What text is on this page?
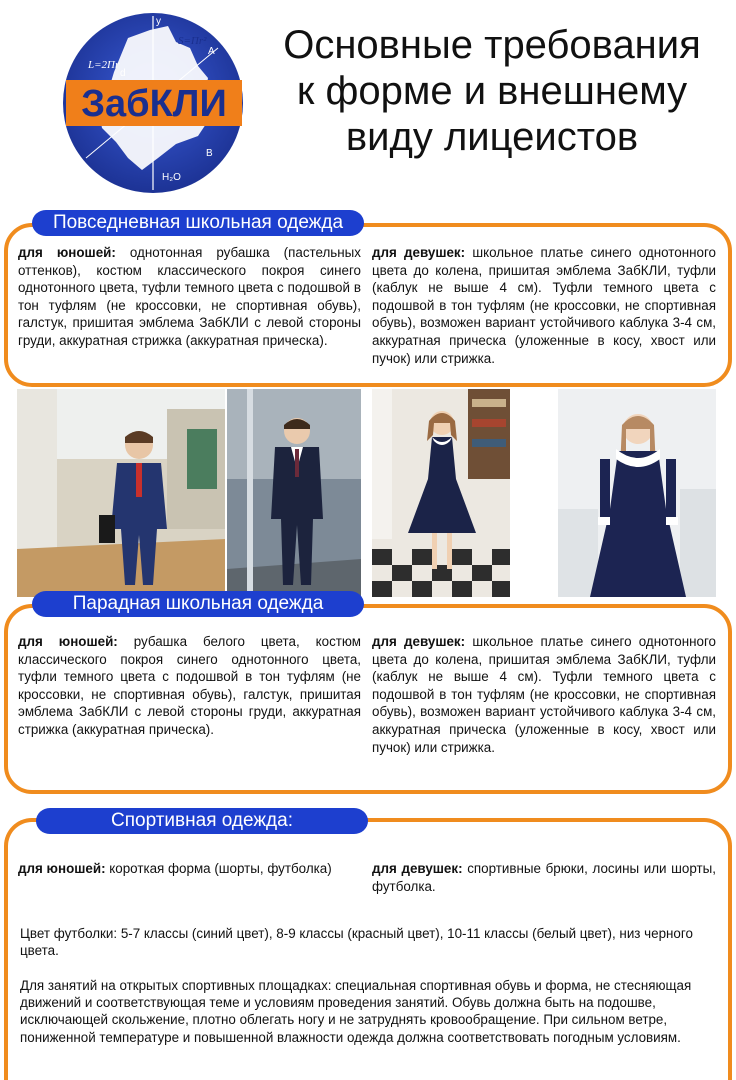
ЗабКЛИ
S=Πr²
L=2Πr
y
A
B
d
H₂O
Основные требования
к форме и внешнему
виду лицеистов
Повседневная школьная одежда
для юношей: однотонная рубашка (пастельных оттенков), костюм классического покроя синего однотонного цвета, туфли темного цвета с подошвой в тон туфлям (не кроссовки, не спортивная обувь), галстук, пришитая эмблема ЗабКЛИ с левой стороны груди, аккуратная стрижка (аккуратная прическа).
для девушек: школьное платье синего однотонного цвета до колена, пришитая эмблема ЗабКЛИ, туфли (каблук не выше 4 см). Туфли темного цвета с подошвой в тон туфлям (не кроссовки, не спортивная обувь), возможен вариант устойчивого каблука 3-4 см, аккуратная прическа (уложенные в косу, хвост или пучок) или стрижка.
Парадная школьная одежда
для юношей: рубашка белого цвета, костюм классического покроя синего однотонного цвета, туфли темного цвета с подошвой в тон туфлям (не кроссовки, не спортивная обувь), галстук, пришитая эмблема ЗабКЛИ с левой стороны груди, аккуратная стрижка (аккуратная прическа).
для девушек: школьное платье синего однотонного цвета до колена, пришитая эмблема ЗабКЛИ, туфли (каблук не выше 4 см). Туфли темного цвета с подошвой в тон туфлям (не кроссовки, не спортивная обувь), возможен вариант устойчивого каблука 3-4 см, аккуратная прическа (уложенные в косу, хвост или пучок) или стрижка.
Спортивная одежда:
для юношей: короткая форма (шорты, футболка)	для девушек: спортивные брюки, лосины или шорты, футболка.
Цвет футболки: 5-7 классы (синий цвет), 8-9 классы (красный цвет), 10-11 классы (белый цвет), низ черного цвета.
Для занятий на открытых спортивных площадках: специальная спортивная обувь и форма, не стесняющая движений и соответствующая теме и условиям проведения занятий. Обувь должна быть на подошве, исключающей скольжение, плотно облегать ногу и не затруднять кровообращение. При сильном ветре, пониженной температуре и повышенной влажности одежда должна соответствовать погодным условиям.
